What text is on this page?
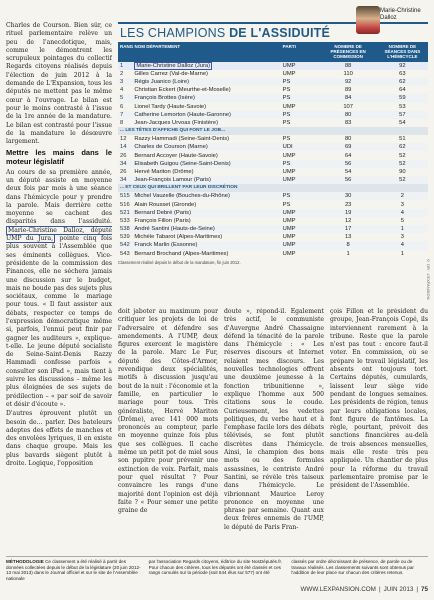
Charles de Courson. Bien sûr, ce rituel parlementaire relève un peu de l'anecdotique, mais, comme le démontrent les scrupuleux pointages du collectif Regards citoyens réalisés depuis l'élection de juin 2012 à la demande de L'Expansion, tous les députés ne mettent pas le même cœur à l'ouvrage. Le bilan est pour le moins contrasté à l'issue de la 1re année de la mandature. Le bilan est contrasté pour l'issue de la mandature le désœuvre largement.

Mettre les mains dans le moteur législatif

Au cours de sa première année, un député assiste en moyenne deux fois par mois à une séance dans l'hémicycle pour y prendre la parole. Mais derrière cette moyenne se cachent des disparités dans l'assiduité. Marie-Christine Dalloz, député UMP du Jura, pointe cinq fois plus souvent à l'Assemblée que ses éminents collègues. Vice-présidente de la commission des Finances, elle ne séchera jamais une discussion sur le budget, mais ne boude pas des sujets plus sociétaux, comme le mariage pour tous. « Il faut assister aux débats, respecter ce temps de l'expression démocratique même si, parfois, l'ennui peut finir par gagner les auditeurs », explique-t-elle. Le jeune député socialiste de Seine-Saint-Denis Razzy Hammadi confesse parfois « consulter son iPad », mais tient à suivre les discussions – même les plus éloignées de ses sujets de prédilection – « par soif de savoir et désir d'écoute ».

D'autres éprouvent plutôt un besoin de... parler. Des bateleurs adeptes des effets de manches et des envolées lyriques, il en existe dans chaque groupe. Mais les plus bavards siègent plutôt à droite. Logique, l'opposition

LES CHAMPIONS DE L'ASSIDUITÉ
Marie-Christine Dalloz
RANG NOM DÉPARTEMENT		PARTI	NOMBRE DE PRÉSENCES EN COMMISSION	NOMBRE DE SÉANCES DANS L'HÉMICYCLE
1	Marie-Christine Dalloz (Jura)	UMP	88	92
2	Gilles Carrez (Val-de-Marne)	UMP	110	63
3	Régis Juanico (Loire)	PS	92	62
4	Christian Eckert (Meurthe-et-Moselle)	PS	89	64
5	François Brottes (Isère)	PS	84	59
6	Lionel Tardy (Haute-Savoie)	UMP	107	53
7	Catherine Lemorton (Haute-Garonne)	PS	80	57
8	Jean-Jacques Urvoas (Finistère)	PS	83	54
... LES TÊTES D'AFFICHE QUI FONT LE JOB...				
12	Razzy Hammadi (Seine-Saint-Denis)	PS	80	51
14	Charles de Courson (Marne)	UDI	69	62
26	Bernard Accoyer (Haute-Savoie)	UMP	64	52
34	Elisabeth Guigou (Seine-Saint-Denis)	PS	56	52
26	Hervé Mariton (Drôme)	UMP	54	90
34	Jean-François Lamour (Paris)	UMP	56	52
... ET CEUX QUI BRILLENT PAR LEUR DISCRÉTION				
515	Michel Vauzelle (Bouches-du-Rhône)	PS	30	2
516	Alain Rousset (Gironde)	PS	23	3
521	Bernard Debré (Paris)	UMP	19	4
533	François Fillon (Paris)	UMP	12	5
538	André Santini (Hauts-de-Seine)	UMP	17	1
539	Michèle Tabarot (Alpes-Maritimes)	UMP	13	3
542	Franck Marlin (Essonne)	UMP	8	4
543	Bernard Brochand (Alpes-Maritimes)	UMP	1	1
Classement réalisé depuis le début de la mandature, fin juin 2012.	© DR · L'EXPANSION
doit jaboter au maximum pour critiquer les projets de loi de l'adversaire et défendre ses amendements. A l'UMP, deux figures exercent le magistère de la parole. Marc Le Fur, député des Côtes-d'Armor, revendique deux spécialités, motifs à discussion jusqu'au bout de la nuit : l'économie et la famille, en particulier le mariage pour tous. Très généraliste, Hervé Mariton (Drôme), avec 141 000 mots prononcés au compteur, parle en moyenne quinze fois plus que ses collègues. Il cache même un petit pot de miel sous son pupitre pour prévenir une extinction de voix. Parfait, mais pour quel résultat ? Pour convaincre les rangs d'une majorité dont l'opinion est déjà faite ? « Pour semer une petite graine de
doute », répond-il. Egalement très actif, le communiste d'Auvergne André Chassaigne défend la ténacité de la parole dans l'hémicycle : « Les réserves discours et Internet relaient mes discours. Les nouvelles technologies offrent une deuxième jeunesse à la fonction tribunitienne », explique l'homme aux 500 citations sous le coude. Curieusement, les vedettes politiques, du verbe haut et à l'emphase facile lors des débats télévisés, se font plutôt discrètes dans l'hémicycle. Ainsi, le champion des bons mots ou des formules assassines, le centriste André Santini, se révèle très taiseux dans l'hémicycle. Le vibrionnant Maurice Leroy prononce en moyenne une phrase par semaine. Quant aux deux frères ennemis de l'UMP, le député de Paris Fran-
çois Fillon et le président du groupe, Jean-François Copé, ils interviennent rarement à la tribune. Reste que la parole n'est pas tout : encore faut-il voter. En commission, où se prépare le travail législatif, les absents ont toujours tort. Certains députés, cumulards, laissent leur siège vide pendant de longues semaines. Les présidents de région, tenus par leurs obligations locales, font figure de fantômes. La règle, pourtant, prévoit des sanctions financières au-delà de trois absences mensuelles, mais elle reste très peu appliquée. Un chantier de plus pour la réforme du travail parlementaire promise par le président de l'Assemblée.
MÉTHODOLOGIE Ce classement a été réalisé à partir des données collectées depuis le début de la législature (20 juin 2012-13 mai 2013) dans le Journal officiel et sur le site de l'Assemblée nationale
par l'association Regards citoyens, éditrice du site NosDéputés.fr. Pour chacun des critères, tous les députés ont été classés et ces rangs cumulés sur la période (soit 544 élus sur 577) ont été
classés par ordre décroissant de présence, de parole ou de travaux réalisés. Les classements suivants sont obtenus par l'addition de leur place sur chacun des critères retenus.
WWW.LEXPANSION.COM | JUIN 2013 | 75
